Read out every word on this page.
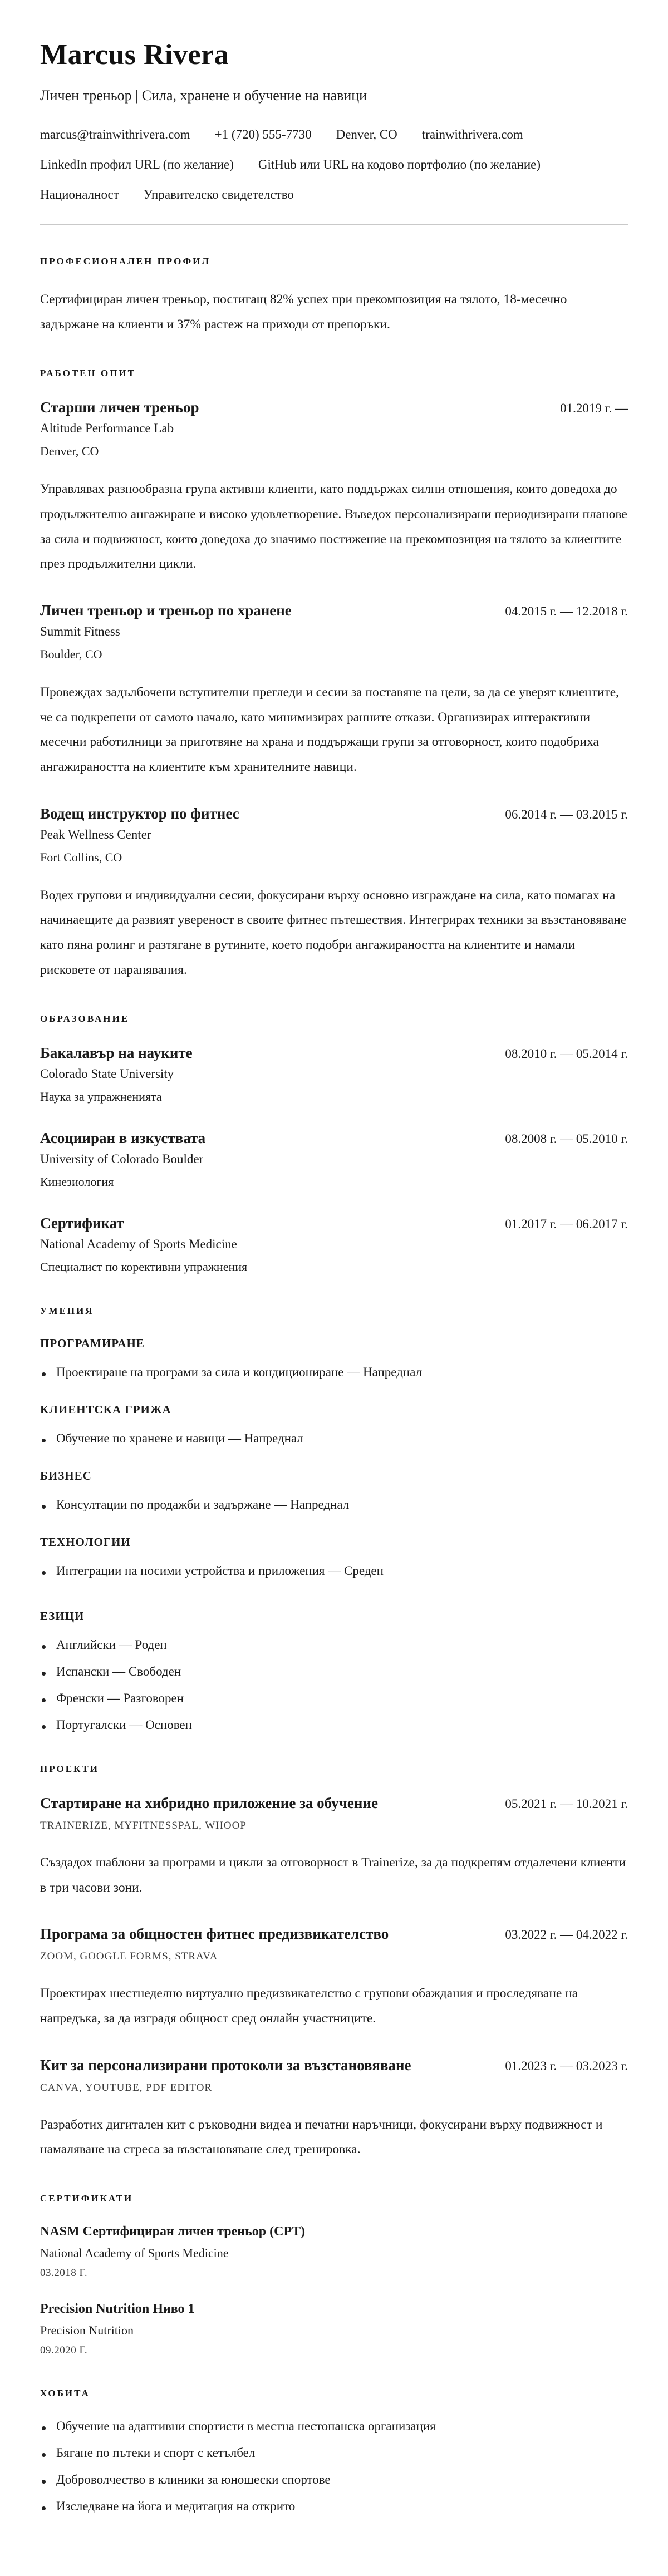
Marcus Rivera
Личен треньор | Сила, хранене и обучение на навици
marcus@trainwithrivera.com +1 (720) 555-7730 Denver, CO trainwithrivera.com
LinkedIn профил URL (по желание) GitHub или URL на кодово портфолио (по желание)
Националност Управителско свидетелство
ПРОФЕСИОНАЛЕН ПРОФИЛ

Сертифициран личен треньор, постигащ 82% успех при прекомпозиция на тялото, 18-месечно задържане на клиенти и 37% растеж на приходи от препоръки.

РАБОТЕН ОПИТ
Старши личен треньор	01.2019 г. —
Altitude Performance Lab
Denver, CO

Управлявах разнообразна група активни клиенти, като поддържах силни отношения, които доведоха до продължително ангажиране и високо удовлетворение. Въведох персонализирани периодизирани планове за сила и подвижност, които доведоха до значимо постижение на прекомпозиция на тялото за клиентите през продължителни цикли.

Личен треньор и треньор по хранене	04.2015 г. — 12.2018 г.
Summit Fitness
Boulder, CO

Провеждах задълбочени вступителни прегледи и сесии за поставяне на цели, за да се уверят клиентите, че са подкрепени от самото начало, като минимизирах ранните откази. Организирах интерактивни месечни работилници за приготвяне на храна и поддържащи групи за отговорност, които подобриха ангажираността на клиентите към хранителните навици.

Водещ инструктор по фитнес	06.2014 г. — 03.2015 г.
Peak Wellness Center
Fort Collins, CO

Водех групови и индивидуални сесии, фокусирани върху основно изграждане на сила, като помагах на начинаещите да развият увереност в своите фитнес пътешествия. Интегрирах техники за възстановяване като пяна ролинг и разтягане в рутините, което подобри ангажираността на клиентите и намали рисковете от наранявания.

ОБРАЗОВАНИЕ
Бакалавър на науките	08.2010 г. — 05.2014 г.
Colorado State University
Наука за упражненията
Асоцииран в изкуствата	08.2008 г. — 05.2010 г.
University of Colorado Boulder
Кинезиология
Сертификат	01.2017 г. — 06.2017 г.
National Academy of Sports Medicine
Специалист по корективни упражнения
УМЕНИЯ
ПРОГРАМИРАНЕ
Проектиране на програми за сила и кондициониране — Напреднал
КЛИЕНТСКА ГРИЖА
Обучение по хранене и навици — Напреднал
БИЗНЕС
Консултации по продажби и задържане — Напреднал
ТЕХНОЛОГИИ
Интеграции на носими устройства и приложения — Среден
ЕЗИЦИ
Английски — Роден
Испански — Свободен
Френски — Разговорен
Португалски — Основен
ПРОЕКТИ
Стартиране на хибридно приложение за обучение	05.2021 г. — 10.2021 г.
TRAINERIZE, MYFITNESSPAL, WHOOP

Създадох шаблони за програми и цикли за отговорност в Trainerize, за да подкрепям отдалечени клиенти в три часови зони.

Програма за общностен фитнес предизвикателство	03.2022 г. — 04.2022 г.
ZOOM, GOOGLE FORMS, STRAVA

Проектирах шестнеделно виртуално предизвикателство с групови обаждания и проследяване на напредъка, за да изградя общност сред онлайн участниците.

Кит за персонализирани протоколи за възстановяване	01.2023 г. — 03.2023 г.
CANVA, YOUTUBE, PDF EDITOR

Разработих дигитален кит с ръководни видеа и печатни наръчници, фокусирани върху подвижност и намаляване на стреса за възстановяване след тренировка.

СЕРТИФИКАТИ
NASM Сертифициран личен треньор (CPT)
National Academy of Sports Medicine
03.2018 Г.
Precision Nutrition Ниво 1
Precision Nutrition
09.2020 Г.
ХОБИТА
Обучение на адаптивни спортисти в местна нестопанска организация
Бягане по пътеки и спорт с кетълбел
Доброволчество в клиники за юношески спортове
Изследване на йога и медитация на открито
